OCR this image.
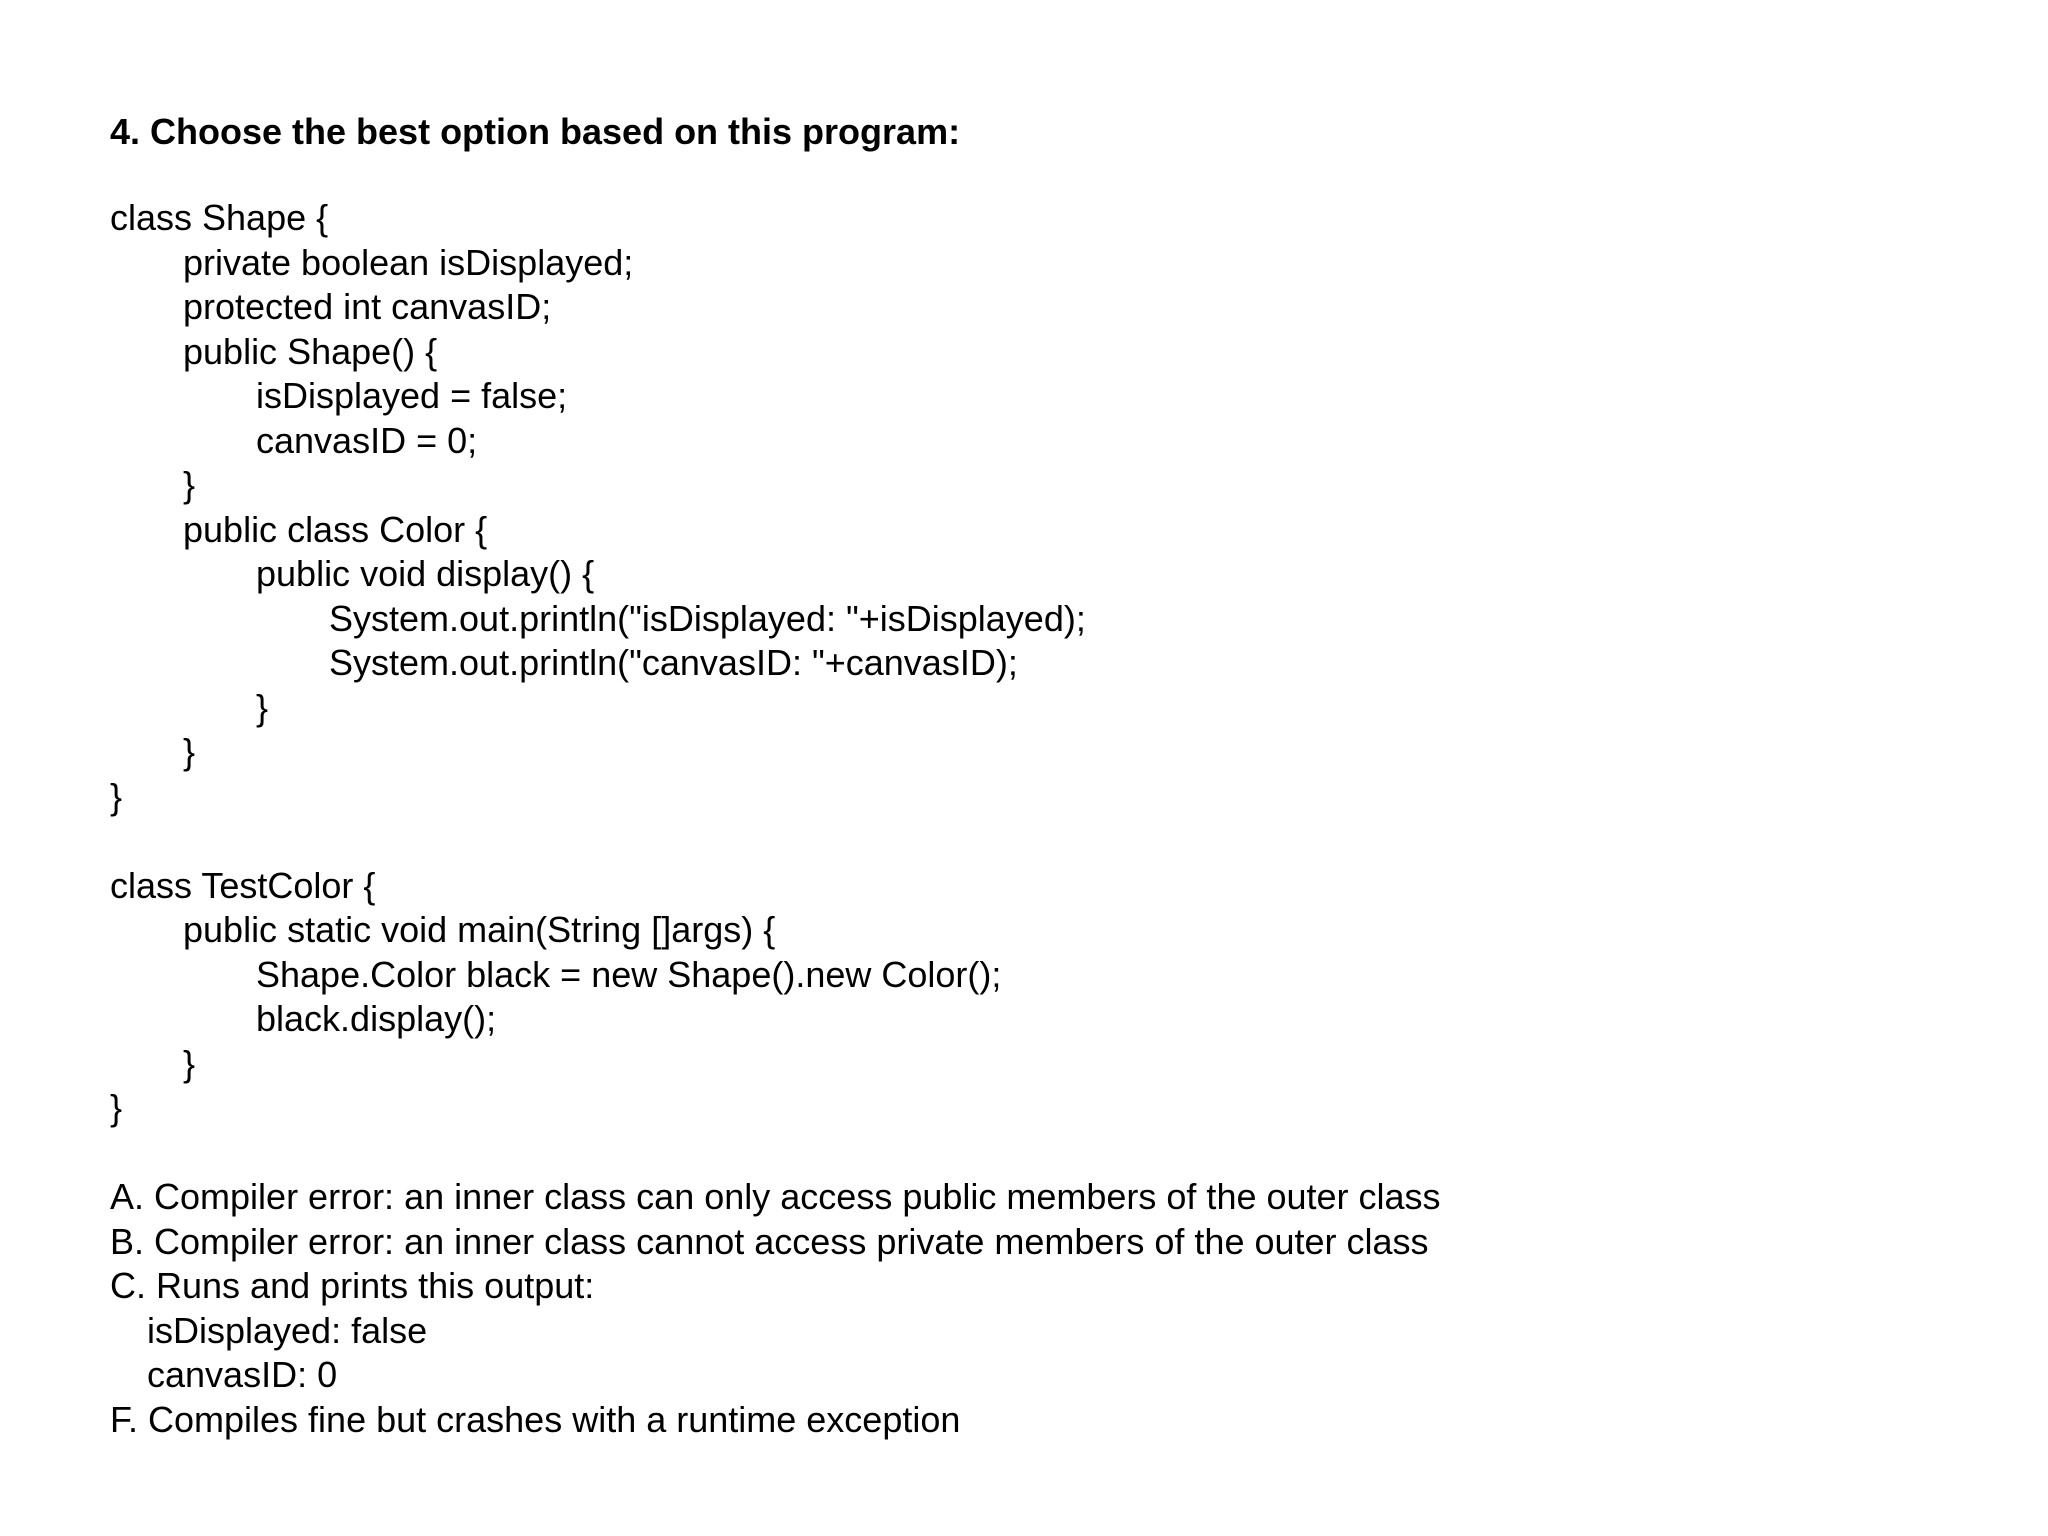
4. Choose the best option based on this program:
class Shape {
private boolean isDisplayed;
protected int canvasID;
public Shape() {
isDisplayed = false;
canvasID = 0;
}
public class Color {
public void display() {
System.out.println("isDisplayed: "+isDisplayed);
System.out.println("canvasID: "+canvasID);
}
}
}
class TestColor {
public static void main(String []args) {
Shape.Color black = new Shape().new Color();
black.display();
}
}
A. Compiler error: an inner class can only access public members of the outer class
B. Compiler error: an inner class cannot access private members of the outer class
C. Runs and prints this output:
isDisplayed: false
canvasID: 0
F. Compiles fine but crashes with a runtime exception
